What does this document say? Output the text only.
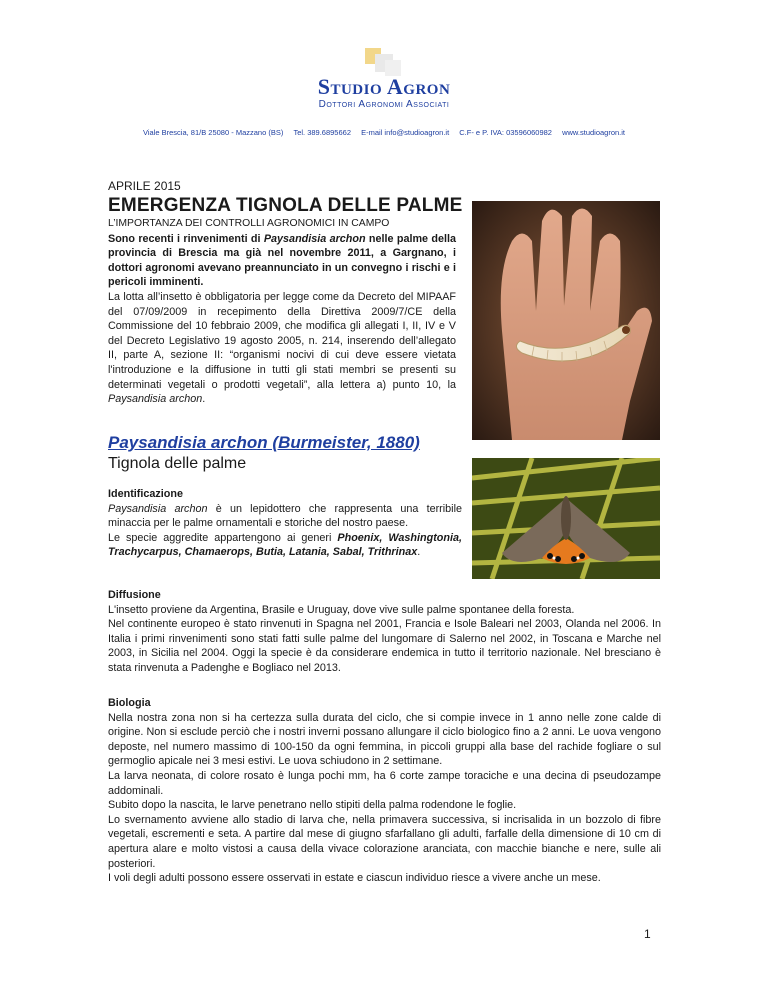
Studio Agron
Dottori Agronomi Associati
Viale Brescia, 81/B 25080 - Mazzano (BS) Tel. 389.6895662 E-mail info@studioagron.it C.F- e P. IVA: 03596060982 www.studioagron.it
APRILE 2015
EMERGENZA TIGNOLA DELLE PALME
L’IMPORTANZA DEI CONTROLLI AGRONOMICI IN CAMPO
Sono recenti i rinvenimenti di Paysandisia archon nelle palme della provincia di Brescia ma già nel novembre 2011, a Gargnano, i dottori agronomi avevano preannunciato in un convegno i rischi e i pericoli imminenti.
La lotta all’insetto è obbligatoria per legge come da Decreto del MIPAAF del 07/09/2009 in recepimento della Direttiva 2009/7/CE della Commissione del 10 febbraio 2009, che modifica gli allegati I, II, IV e V del Decreto Legislativo 19 agosto 2005, n. 214, inserendo dell’allegato II, parte A, sezione II: “organismi nocivi di cui deve essere vietata l'introduzione e la diffusione in tutti gli stati membri se presenti su determinati vegetali o prodotti vegetali”, alla lettera a) punto 10, la Paysandisia archon.
Paysandisia archon (Burmeister, 1880)
Tignola delle palme
Identificazione
Paysandisia archon è un lepidottero che rappresenta una terribile minaccia per le palme ornamentali e storiche del nostro paese.
Le specie aggredite appartengono ai generi Phoenix, Washingtonia, Trachycarpus, Chamaerops, Butia, Latania, Sabal, Trithrinax.
Diffusione
L'insetto proviene da Argentina, Brasile e Uruguay, dove vive sulle palme spontanee della foresta.
Nel continente europeo è stato rinvenuti in Spagna nel 2001, Francia e Isole Baleari nel 2003, Olanda nel 2006. In Italia i primi rinvenimenti sono stati fatti sulle palme del lungomare di Salerno nel 2002, in Toscana e Marche nel 2003, in Sicilia nel 2004. Oggi la specie è da considerare endemica in tutto il territorio nazionale. Nel bresciano è stata rinvenuta a Padenghe e Bogliaco nel 2013.
Biologia
Nella nostra zona non si ha certezza sulla durata del ciclo, che si compie invece in 1 anno nelle zone calde di origine. Non si esclude perciò che i nostri inverni possano allungare il ciclo biologico fino a 2 anni. Le uova vengono deposte, nel numero massimo di 100-150 da ogni femmina, in piccoli gruppi alla base del rachide fogliare o sul germoglio apicale nei 3 mesi estivi. Le uova schiudono in 2 settimane.
La larva neonata, di colore rosato è lunga pochi mm, ha 6 corte zampe toraciche e una decina di pseudozampe addominali.
Subito dopo la nascita, le larve penetrano nello stipiti della palma rodendone le foglie.
Lo svernamento avviene allo stadio di larva che, nella primavera successiva, si incrisalida in un bozzolo di fibre vegetali, escrementi e seta. A partire dal mese di giugno sfarfallano gli adulti, farfalle della dimensione di 10 cm di apertura alare e molto vistosi a causa della vivace colorazione aranciata, con macchie bianche e nere, sulle ali posteriori.
I voli degli adulti possono essere osservati in estate e ciascun individuo riesce a vivere anche un mese.
1
